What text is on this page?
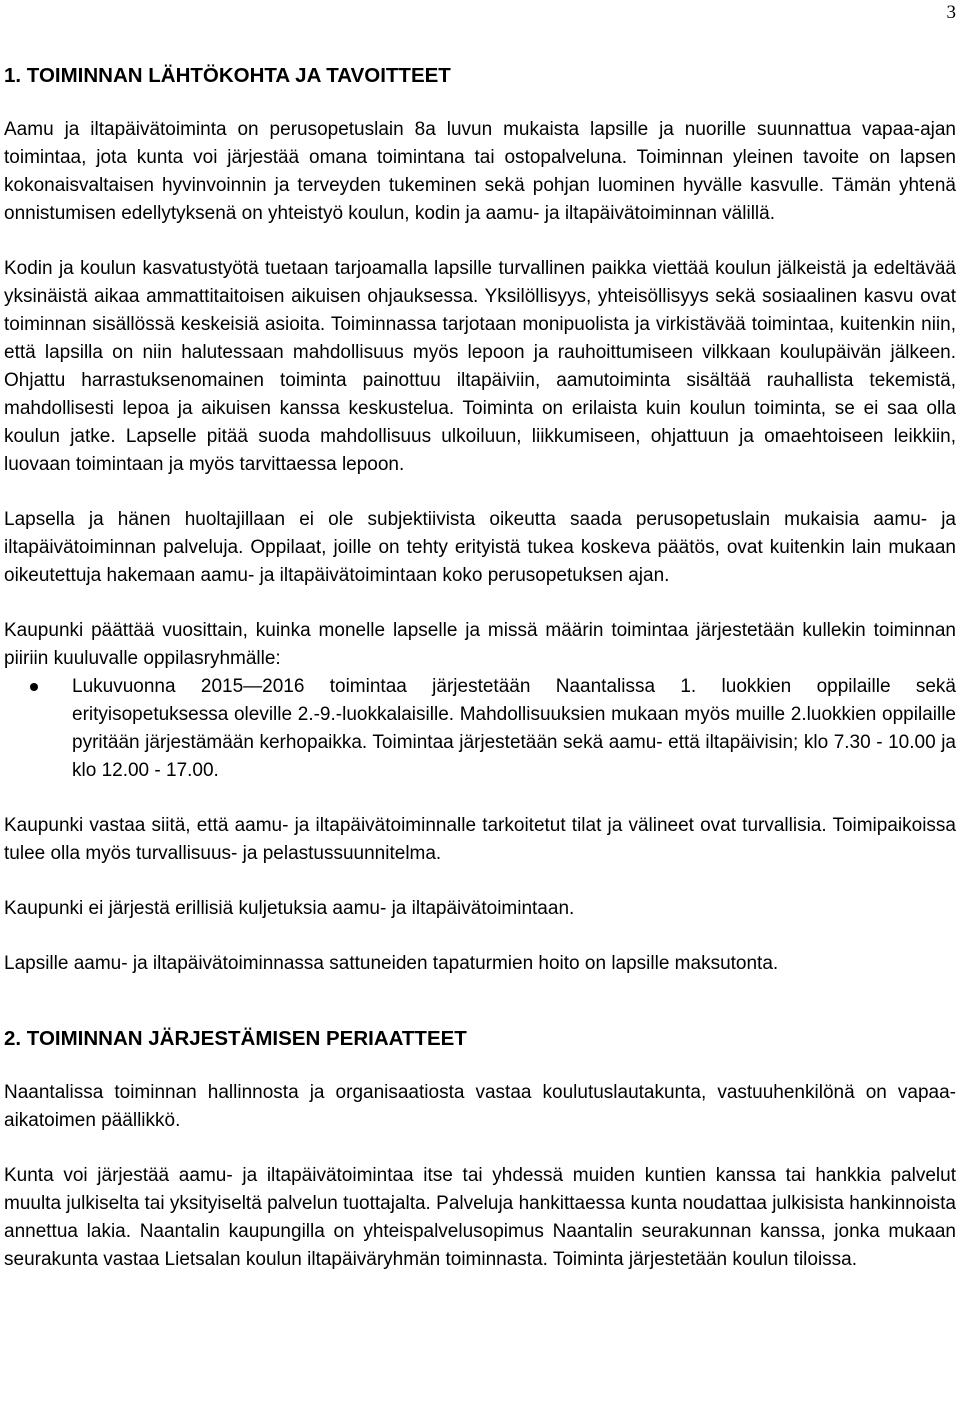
3
1. TOIMINNAN LÄHTÖKOHTA JA TAVOITTEET

Aamu ja iltapäivätoiminta on perusopetuslain 8a luvun mukaista lapsille ja nuorille suunnattua vapaa-ajan toimintaa, jota kunta voi järjestää omana toimintana tai ostopalveluna. Toiminnan yleinen tavoite on lapsen kokonaisvaltaisen hyvinvoinnin ja terveyden tukeminen sekä pohjan luominen hyvälle kasvulle. Tämän yhtenä onnistumisen edellytyksenä on yhteistyö koulun, kodin ja aamu- ja iltapäivätoiminnan välillä.

Kodin ja koulun kasvatustyötä tuetaan tarjoamalla lapsille turvallinen paikka viettää koulun jälkeistä ja edeltävää yksinäistä aikaa ammattitaitoisen aikuisen ohjauksessa. Yksilöllisyys, yhteisöllisyys sekä sosiaalinen kasvu ovat toiminnan sisällössä keskeisiä asioita. Toiminnassa tarjotaan monipuolista ja virkistävää toimintaa, kuitenkin niin, että lapsilla on niin halutessaan mahdollisuus myös lepoon ja rauhoittumiseen vilkkaan koulupäivän jälkeen. Ohjattu harrastuksenomainen toiminta painottuu iltapäiviin, aamutoiminta sisältää rauhallista tekemistä, mahdollisesti lepoa ja aikuisen kanssa keskustelua. Toiminta on erilaista kuin koulun toiminta, se ei saa olla koulun jatke. Lapselle pitää suoda mahdollisuus ulkoiluun, liikkumiseen, ohjattuun ja omaehtoiseen leikkiin, luovaan toimintaan ja myös tarvittaessa lepoon.

Lapsella ja hänen huoltajillaan ei ole subjektiivista oikeutta saada perusopetuslain mukaisia aamu- ja iltapäivätoiminnan palveluja. Oppilaat, joille on tehty erityistä tukea koskeva päätös, ovat kuitenkin lain mukaan oikeutettuja hakemaan aamu- ja iltapäivätoimintaan koko perusopetuksen ajan.

Kaupunki päättää vuosittain, kuinka monelle lapselle ja missä määrin toimintaa järjestetään kullekin toiminnan piiriin kuuluvalle oppilasryhmälle:

Lukuvuonna 2015—2016 toimintaa järjestetään Naantalissa 1. luokkien oppilaille sekä erityisopetuksessa oleville 2.-9.-luokkalaisille. Mahdollisuuksien mukaan myös muille 2.luokkien oppilaille pyritään järjestämään kerhopaikka. Toimintaa järjestetään sekä aamu- että iltapäivisin; klo 7.30 - 10.00 ja klo 12.00 - 17.00.

Kaupunki vastaa siitä, että aamu- ja iltapäivätoiminnalle tarkoitetut tilat ja välineet ovat turvallisia. Toimipaikoissa tulee olla myös turvallisuus- ja pelastussuunnitelma.

Kaupunki ei järjestä erillisiä kuljetuksia aamu- ja iltapäivätoimintaan.

Lapsille aamu- ja iltapäivätoiminnassa sattuneiden tapaturmien hoito on lapsille maksutonta.

2. TOIMINNAN JÄRJESTÄMISEN PERIAATTEET

Naantalissa toiminnan hallinnosta ja organisaatiosta vastaa koulutuslautakunta, vastuuhenkilönä on vapaa-aikatoimen päällikkö.

Kunta voi järjestää aamu- ja iltapäivätoimintaa itse tai yhdessä muiden kuntien kanssa tai hankkia palvelut muulta julkiselta tai yksityiseltä palvelun tuottajalta. Palveluja hankittaessa kunta noudattaa julkisista hankinnoista annettua lakia. Naantalin kaupungilla on yhteispalvelusopimus Naantalin seurakunnan kanssa, jonka mukaan seurakunta vastaa Lietsalan koulun iltapäiväryhmän toiminnasta. Toiminta järjestetään koulun tiloissa.
